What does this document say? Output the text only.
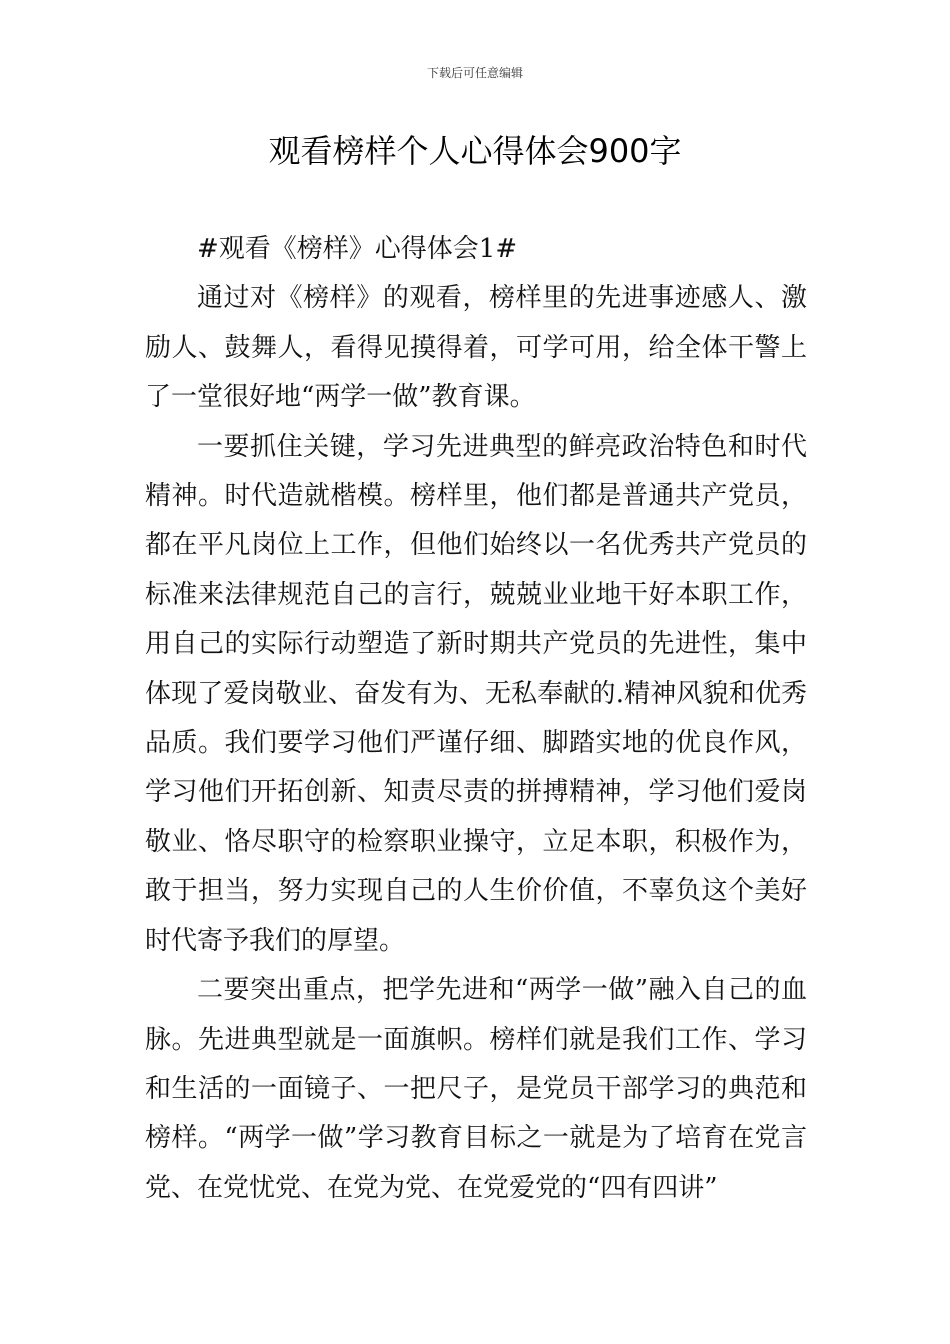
下载后可任意编辑
观看榜样个人心得体会900字

#观看《榜样》心得体会1#

通过对《榜样》的观看，榜样里的先进事迹感人、激励人、鼓舞人，看得见摸得着，可学可用，给全体干警上了一堂很好地“两学一做”教育课。

一要抓住关键，学习先进典型的鲜亮政治特色和时代精神。时代造就楷模。榜样里，他们都是普通共产党员，都在平凡岗位上工作，但他们始终以一名优秀共产党员的标准来法律规范自己的言行，兢兢业业地干好本职工作，用自己的实际行动塑造了新时期共产党员的先进性，集中体现了爱岗敬业、奋发有为、无私奉献的.精神风貌和优秀品质。我们要学习他们严谨仔细、脚踏实地的优良作风，学习他们开拓创新、知责尽责的拼搏精神，学习他们爱岗敬业、恪尽职守的检察职业操守，立足本职，积极作为，敢于担当，努力实现自己的人生价价值，不辜负这个美好时代寄予我们的厚望。

二要突出重点，把学先进和“两学一做”融入自己的血脉。先进典型就是一面旗帜。榜样们就是我们工作、学习和生活的一面镜子、一把尺子，是党员干部学习的典范和榜样。“两学一做”学习教育目标之一就是为了培育在党言党、在党忧党、在党为党、在党爱党的“四有四讲”
